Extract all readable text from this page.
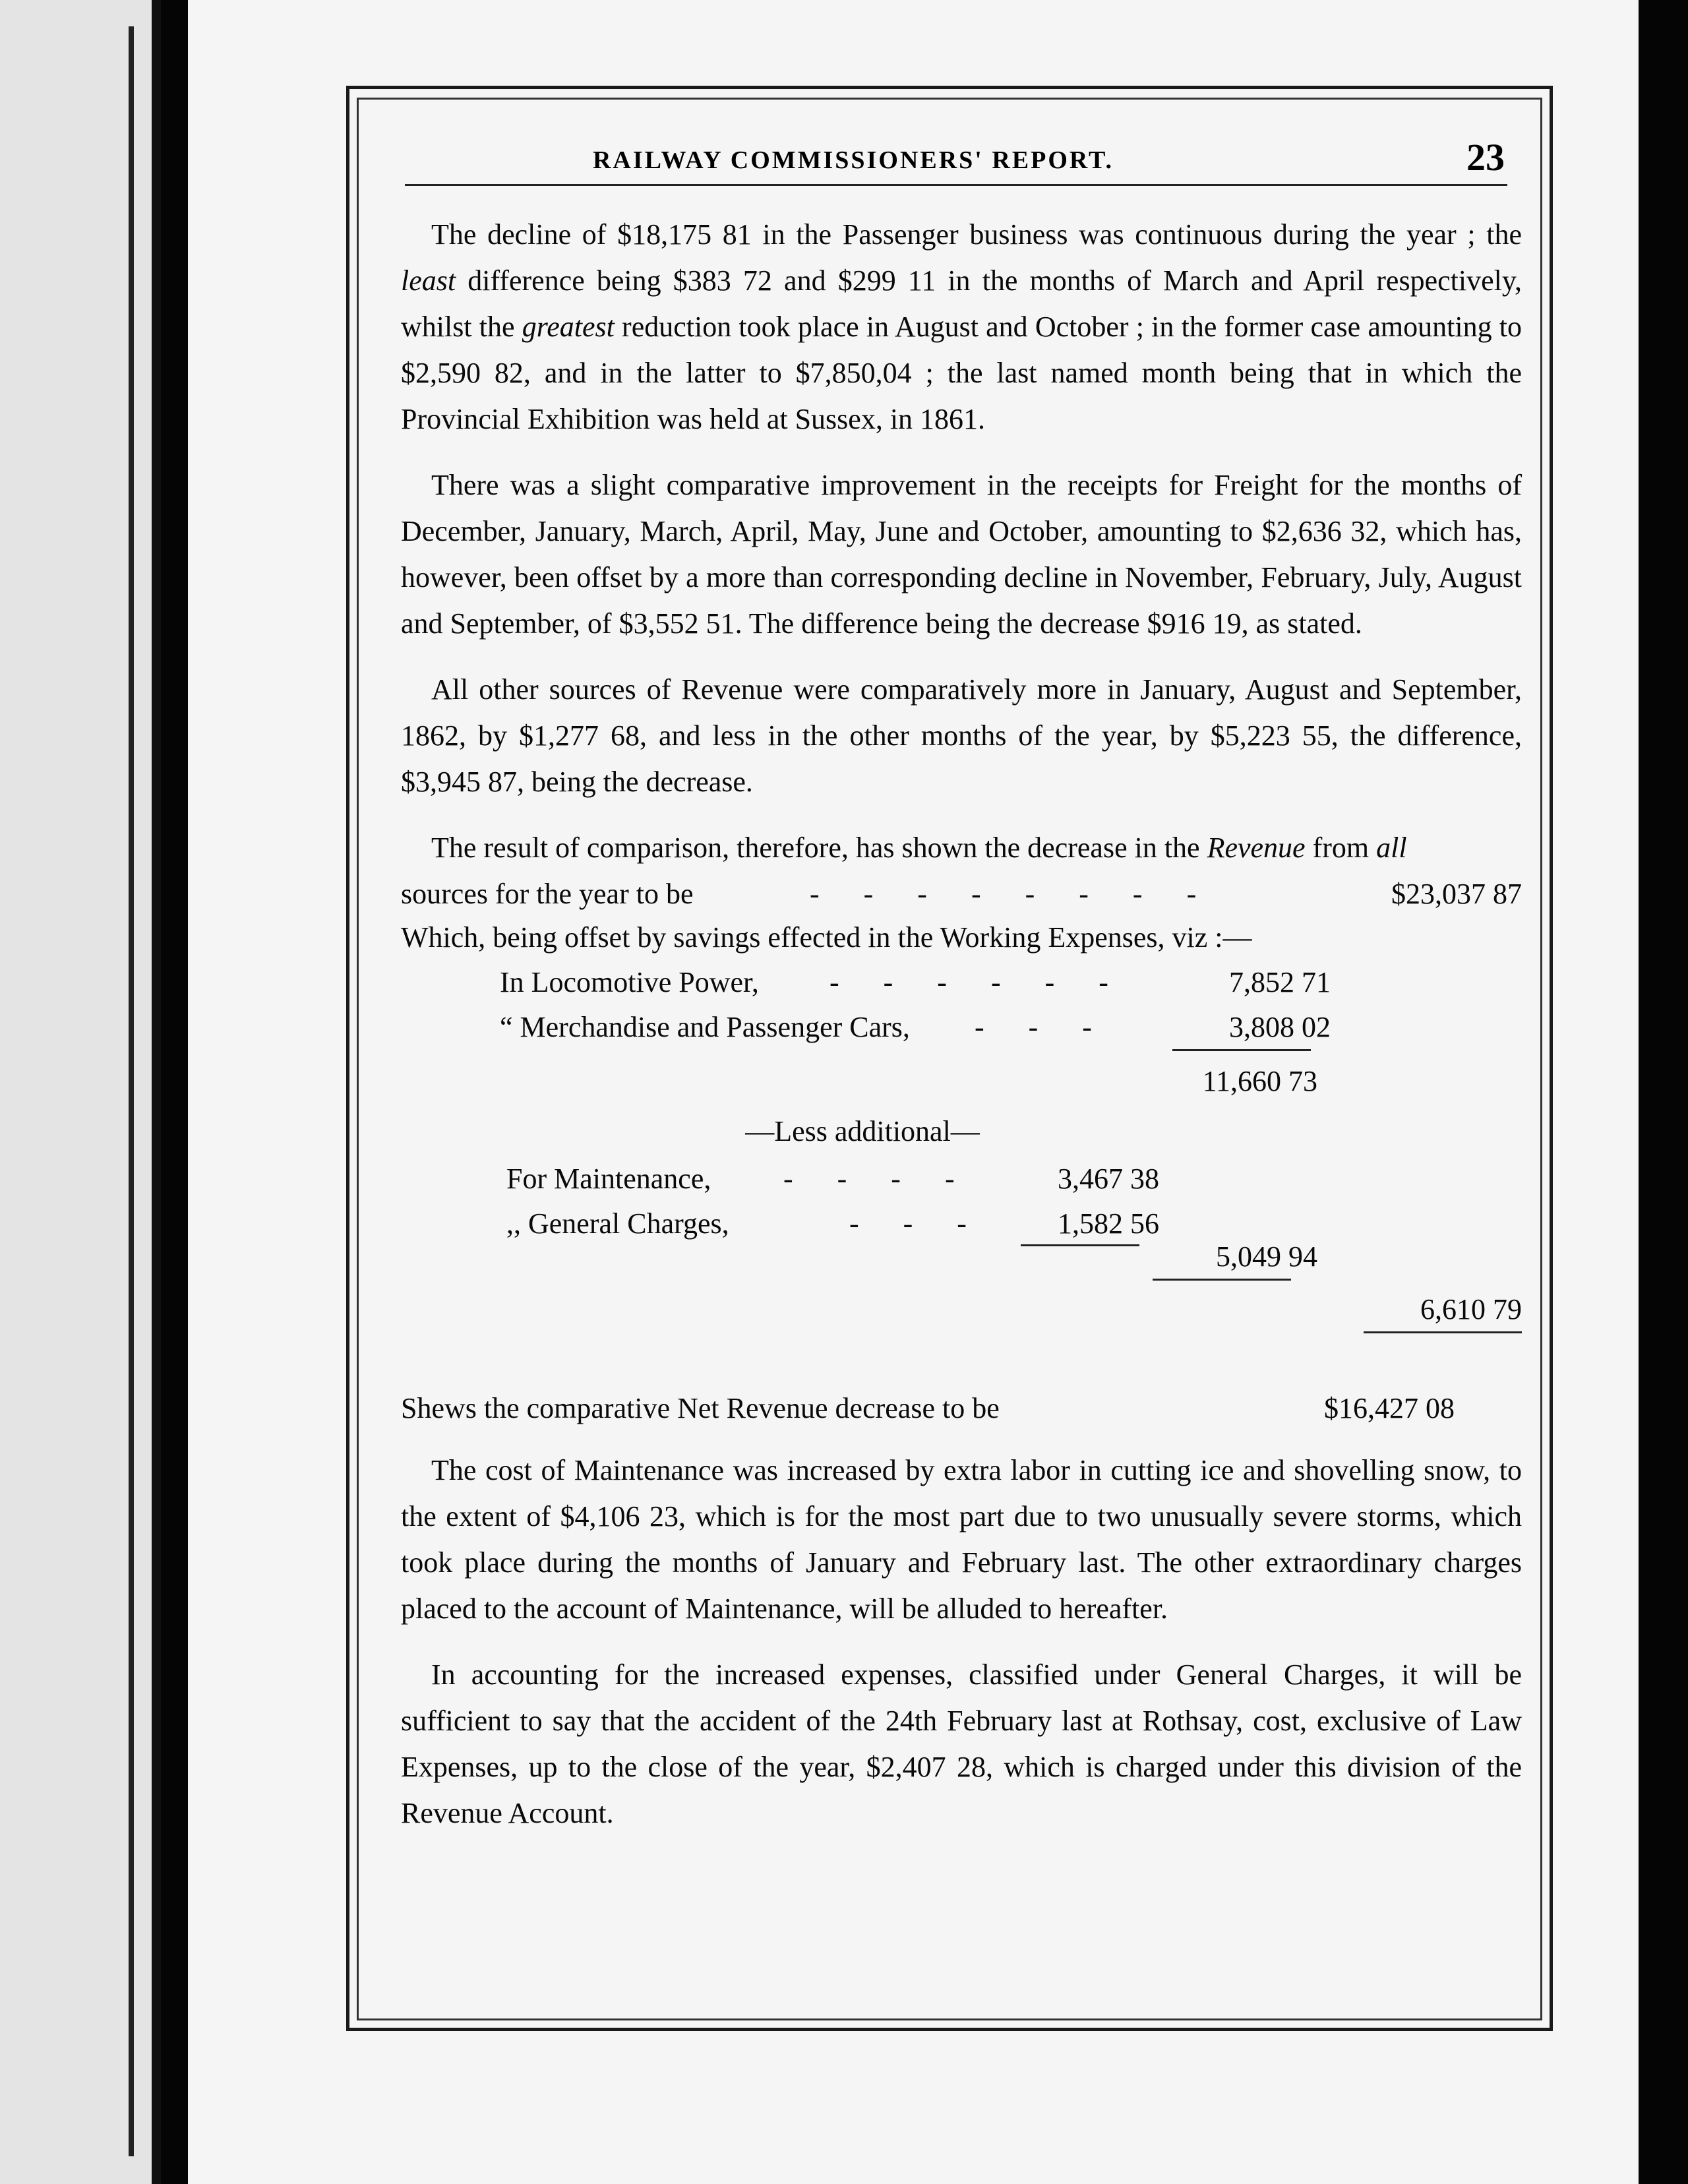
RAILWAY COMMISSIONERS' REPORT.	23

The decline of $18,175 81 in the Passenger business was continuous during the year ; the least difference being $383 72 and $299 11 in the months of March and April respectively, whilst the greatest reduction took place in August and October ; in the former case amounting to $2,590 82, and in the latter to $7,850,04 ; the last named month being that in which the Provincial Exhibition was held at Sussex, in 1861.

There was a slight comparative improvement in the receipts for Freight for the months of December, January, March, April, May, June and October, amounting to $2,636 32, which has, however, been offset by a more than corresponding decline in November, February, July, August and September, of $3,552 51. The difference being the decrease $916 19, as stated.

All other sources of Revenue were comparatively more in January, August and September, 1862, by $1,277 68, and less in the other months of the year, by $5,223 55, the difference, $3,945 87, being the decrease.

The result of comparison, therefore, has shown the decrease in the Revenue from all

sources for the year to be	- - - - - - - -	$23,037 87
Which, being offset by savings effected in the Working Expenses, viz :—
In Locomotive Power, - - - - - -	7,852 71
“ Merchandise and Passenger Cars, - - -	3,808 02
11,660 73
—Less additional—
For Maintenance, - - - -	3,467 38
,, General Charges,	- - -	1,582 56
5,049 94
6,610 79
Shews the comparative Net Revenue decrease to be	$16,427 08

The cost of Maintenance was increased by extra labor in cutting ice and shovelling snow, to the extent of $4,106 23, which is for the most part due to two unusually severe storms, which took place during the months of January and February last. The other extraordinary charges placed to the account of Maintenance, will be alluded to hereafter.

In accounting for the increased expenses, classified under General Charges, it will be sufficient to say that the accident of the 24th February last at Rothsay, cost, exclusive of Law Expenses, up to the close of the year, $2,407 28, which is charged under this division of the Revenue Account.
